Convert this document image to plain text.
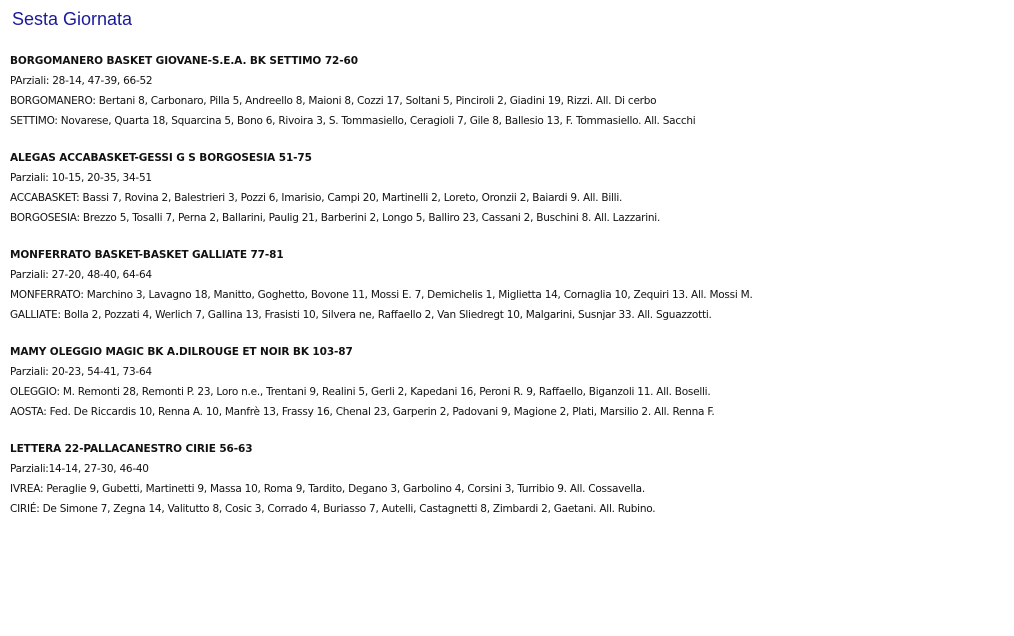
Sesta Giornata
BORGOMANERO BASKET GIOVANE-S.E.A. BK SETTIMO 72-60
PArziali: 28-14, 47-39, 66-52
BORGOMANERO: Bertani 8, Carbonaro, Pilla 5, Andreello 8, Maioni 8, Cozzi 17, Soltani 5, Pinciroli 2, Giadini 19, Rizzi. All. Di cerbo
SETTIMO: Novarese, Quarta 18, Squarcina 5, Bono 6, Rivoira 3, S. Tommasiello, Ceragioli 7, Gile 8, Ballesio 13, F. Tommasiello. All. Sacchi
ALEGAS ACCABASKET-GESSI G S BORGOSESIA 51-75
Parziali: 10-15, 20-35, 34-51
ACCABASKET: Bassi 7, Rovina 2, Balestrieri 3, Pozzi 6, Imarisio, Campi 20, Martinelli 2, Loreto, Oronzii 2, Baiardi 9. All. Billi.
BORGOSESIA: Brezzo 5, Tosalli 7, Perna 2, Ballarini, Paulig 21, Barberini 2, Longo 5, Balliro 23, Cassani 2, Buschini 8. All. Lazzarini.
MONFERRATO BASKET-BASKET GALLIATE 77-81
Parziali: 27-20, 48-40, 64-64
MONFERRATO: Marchino 3, Lavagno 18, Manitto, Goghetto, Bovone 11, Mossi E. 7, Demichelis 1, Miglietta 14, Cornaglia 10, Zequiri 13. All. Mossi M.
GALLIATE: Bolla 2, Pozzati 4, Werlich 7, Gallina 13, Frasisti 10, Silvera ne, Raffaello 2, Van Sliedregt 10, Malgarini, Susnjar 33. All. Sguazzotti.
MAMY OLEGGIO MAGIC BK A.DILROUGE ET NOIR BK 103-87
Parziali: 20-23, 54-41, 73-64
OLEGGIO: M. Remonti 28, Remonti P. 23, Loro n.e., Trentani 9, Realini 5, Gerli 2, Kapedani 16, Peroni R. 9, Raffaello, Biganzoli 11. All. Boselli.
AOSTA: Fed. De Riccardis 10, Renna A. 10, Manfrè 13, Frassy 16, Chenal 23, Garperin 2, Padovani 9, Magione 2, Plati, Marsilio 2. All. Renna F.
LETTERA 22-PALLACANESTRO CIRIE 56-63
Parziali:14-14, 27-30, 46-40
IVREA: Peraglie 9, Gubetti, Martinetti 9, Massa 10, Roma 9, Tardito, Degano 3, Garbolino 4, Corsini 3, Turribio 9. All. Cossavella.
CIRIÉ: De Simone 7, Zegna 14, Valitutto 8, Cosic 3, Corrado 4, Buriasso 7, Autelli, Castagnetti 8, Zimbardi 2, Gaetani. All. Rubino.
